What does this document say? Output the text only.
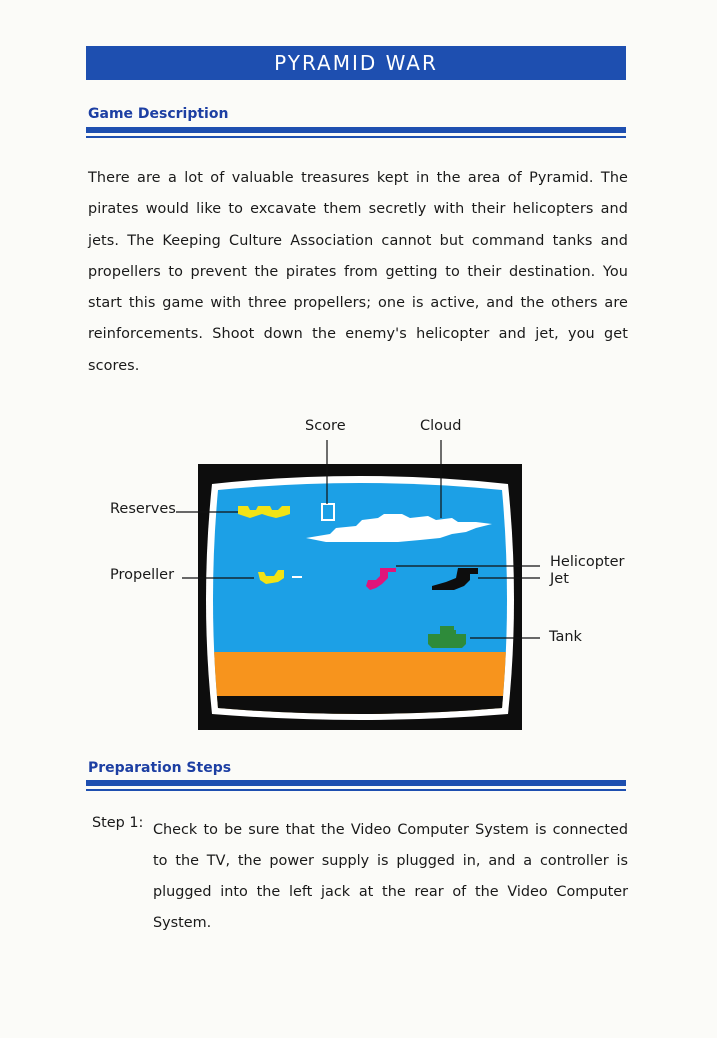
PYRAMID WAR
Game Description
There are a lot of valuable treasures kept in the area of Pyramid. The pirates would like to excavate them secretly with their helicopters and jets. The Keeping Culture Association cannot but command tanks and propellers to prevent the pirates from getting to their destination. You start this game with three propellers; one is active, and the others are reinforcements. Shoot down the enemy's helicopter and jet, you get scores.
Score	Cloud
Reserves
Propeller
Helicopter
Jet
Tank
Preparation Steps
Step 1: Check to be sure that the Video Computer System is connected to the TV, the power supply is plugged in, and a controller is plugged into the left jack at the rear of the Video Computer System.
